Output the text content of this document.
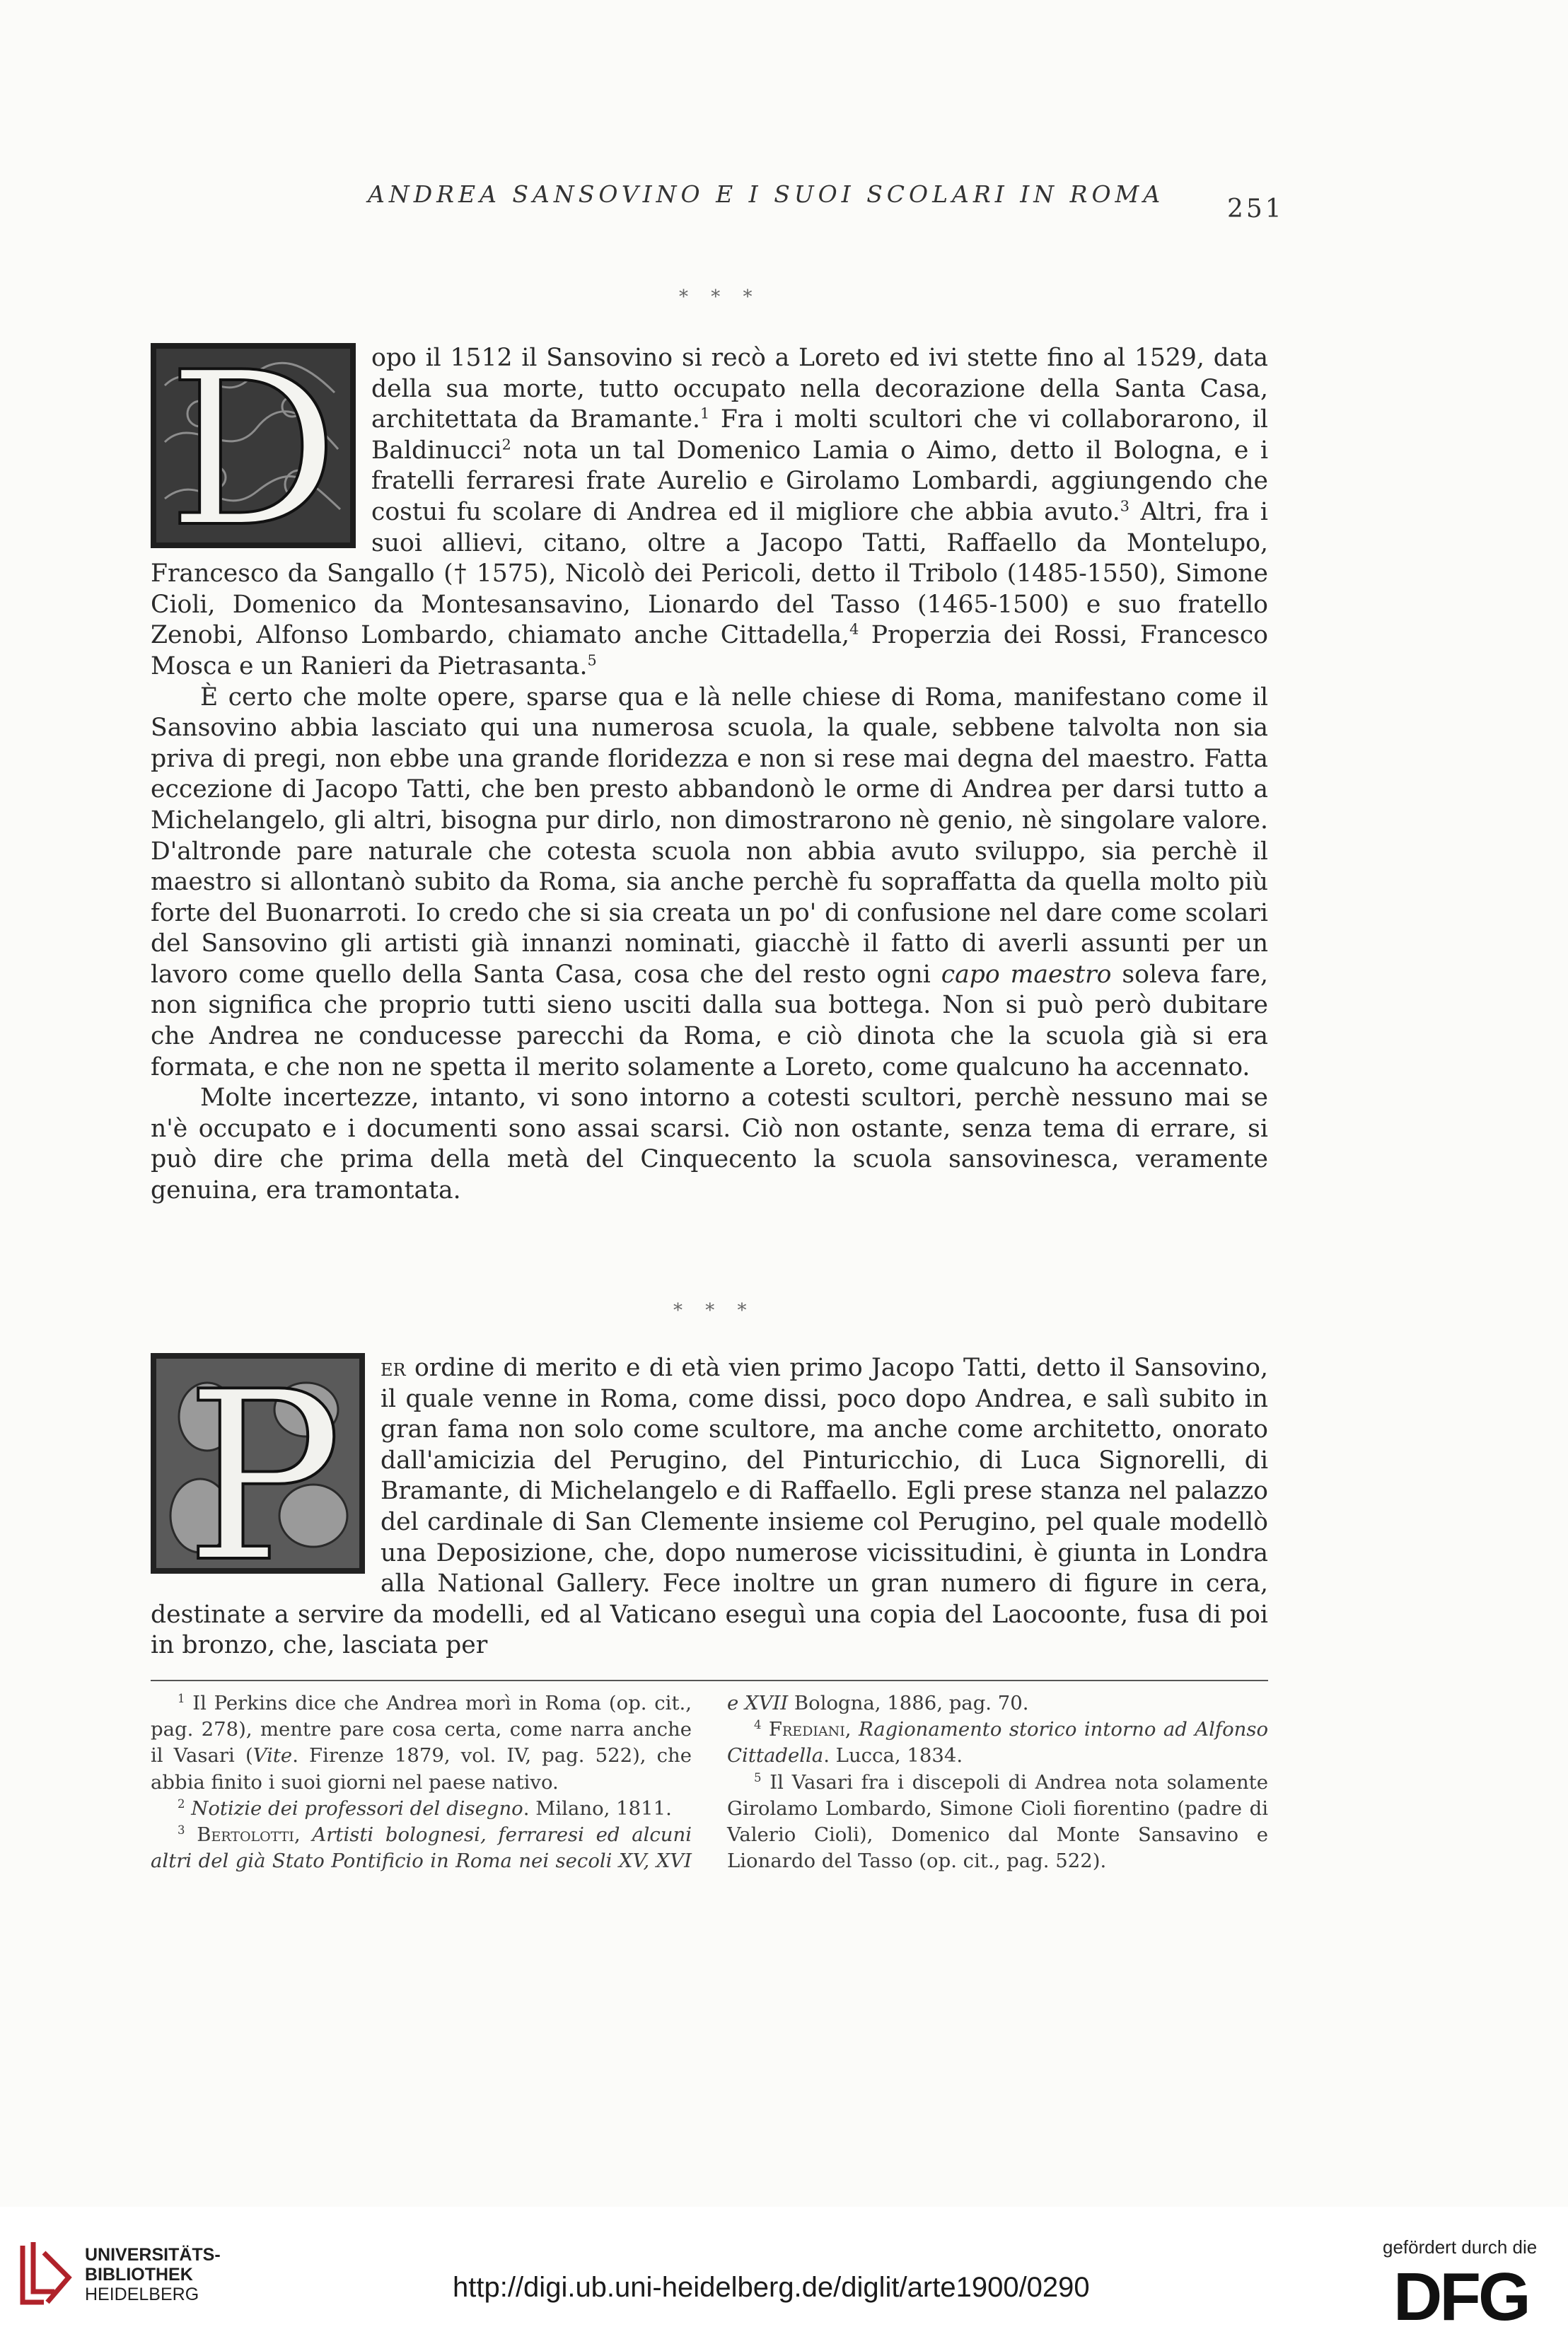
ANDREA SANSOVINO E I SUOI SCOLARI IN ROMA
251
* * *
D	opo il 1512 il Sansovino si recò a Loreto ed ivi stette fino al 1529, data della sua morte, tutto occupato nella decorazione della Santa Casa, architettata da Bramante.$^1$ Fra i molti scultori che vi collaborarono, il Baldinucci$^2$ nota un tal Domenico Lamia o Aimo, detto il Bologna, e i fratelli ferraresi frate Aurelio e Girolamo Lombardi, aggiungendo che costui fu scolare di Andrea ed il migliore che abbia avuto.$^3$ Altri, fra i suoi allievi, citano, oltre a Jacopo Tatti, Raffaello da Montelupo, Francesco da Sangallo († 1575), Nicolò dei Pericoli, detto il Tribolo (1485-1550), Simone Cioli, Domenico da Montesansavino, Lionardo del Tasso (1465-1500) e suo fratello Zenobi, Alfonso Lombardo, chiamato anche Cittadella,$^4$ Properzia dei Rossi, Francesco Mosca e un Ranieri da Pietrasanta.$^5$

È certo che molte opere, sparse qua e là nelle chiese di Roma, manifestano come il Sansovino abbia lasciato qui una numerosa scuola, la quale, sebbene talvolta non sia priva di pregi, non ebbe una grande floridezza e non si rese mai degna del maestro. Fatta eccezione di Jacopo Tatti, che ben presto abbandonò le orme di Andrea per darsi tutto a Michelangelo, gli altri, bisogna pur dirlo, non dimostrarono nè genio, nè singolare valore. D'altronde pare naturale che cotesta scuola non abbia avuto sviluppo, sia perchè il maestro si allontanò subito da Roma, sia anche perchè fu sopraffatta da quella molto più forte del Buonarroti. Io credo che si sia creata un po' di confusione nel dare come scolari del Sansovino gli artisti già innanzi nominati, giacchè il fatto di averli assunti per un lavoro come quello della Santa Casa, cosa che del resto ogni capo maestro soleva fare, non significa che proprio tutti sieno usciti dalla sua bottega. Non si può però dubitare che Andrea ne conducesse parecchi da Roma, e ciò dinota che la scuola già si era formata, e che non ne spetta il merito solamente a Loreto, come qualcuno ha accennato.

Molte incertezze, intanto, vi sono intorno a cotesti scultori, perchè nessuno mai se n'è occupato e i documenti sono assai scarsi. Ciò non ostante, senza tema di errare, si può dire che prima della metà del Cinquecento la scuola sansovinesca, veramente genuina, era tramontata.

* * *
P	er ordine di merito e di età vien primo Jacopo Tatti, detto il Sansovino, il quale venne in Roma, come dissi, poco dopo Andrea, e salì subito in gran fama non solo come scultore, ma anche come architetto, onorato dall'amicizia del Perugino, del Pinturicchio, di Luca Signorelli, di Bramante, di Michelangelo e di Raffaello. Egli prese stanza nel palazzo del cardinale di San Clemente insieme col Perugino, pel quale modellò una Deposizione, che, dopo numerose vicissitudini, è giunta in Londra alla National Gallery. Fece inoltre un gran numero di figure in cera, destinate a servire da modelli, ed al Vaticano eseguì una copia del Laocoonte, fusa di poi in bronzo, che, lasciata per

$^1$ Il Perkins dice che Andrea morì in Roma (op. cit., pag. 278), mentre pare cosa certa, come narra anche il Vasari (Vite. Firenze 1879, vol. IV, pag. 522), che abbia finito i suoi giorni nel paese nativo.

$^2$ Notizie dei professori del disegno. Milano, 1811.

$^3$ Bertolotti, Artisti bolognesi, ferraresi ed alcuni altri del già Stato Pontificio in Roma nei secoli XV, XVI e XVII Bologna, 1886, pag. 70.

$^4$ Frediani, Ragionamento storico intorno ad Alfonso Cittadella. Lucca, 1834.

$^5$ Il Vasari fra i discepoli di Andrea nota solamente Girolamo Lombardo, Simone Cioli fiorentino (padre di Valerio Cioli), Domenico dal Monte Sansavino e Lionardo del Tasso (op. cit., pag. 522).

UNIVERSITÄTS-
BIBLIOTHEK
HEIDELBERG	http://digi.ub.uni-heidelberg.de/diglit/arte1900/0290
gefördert durch die
DFG
